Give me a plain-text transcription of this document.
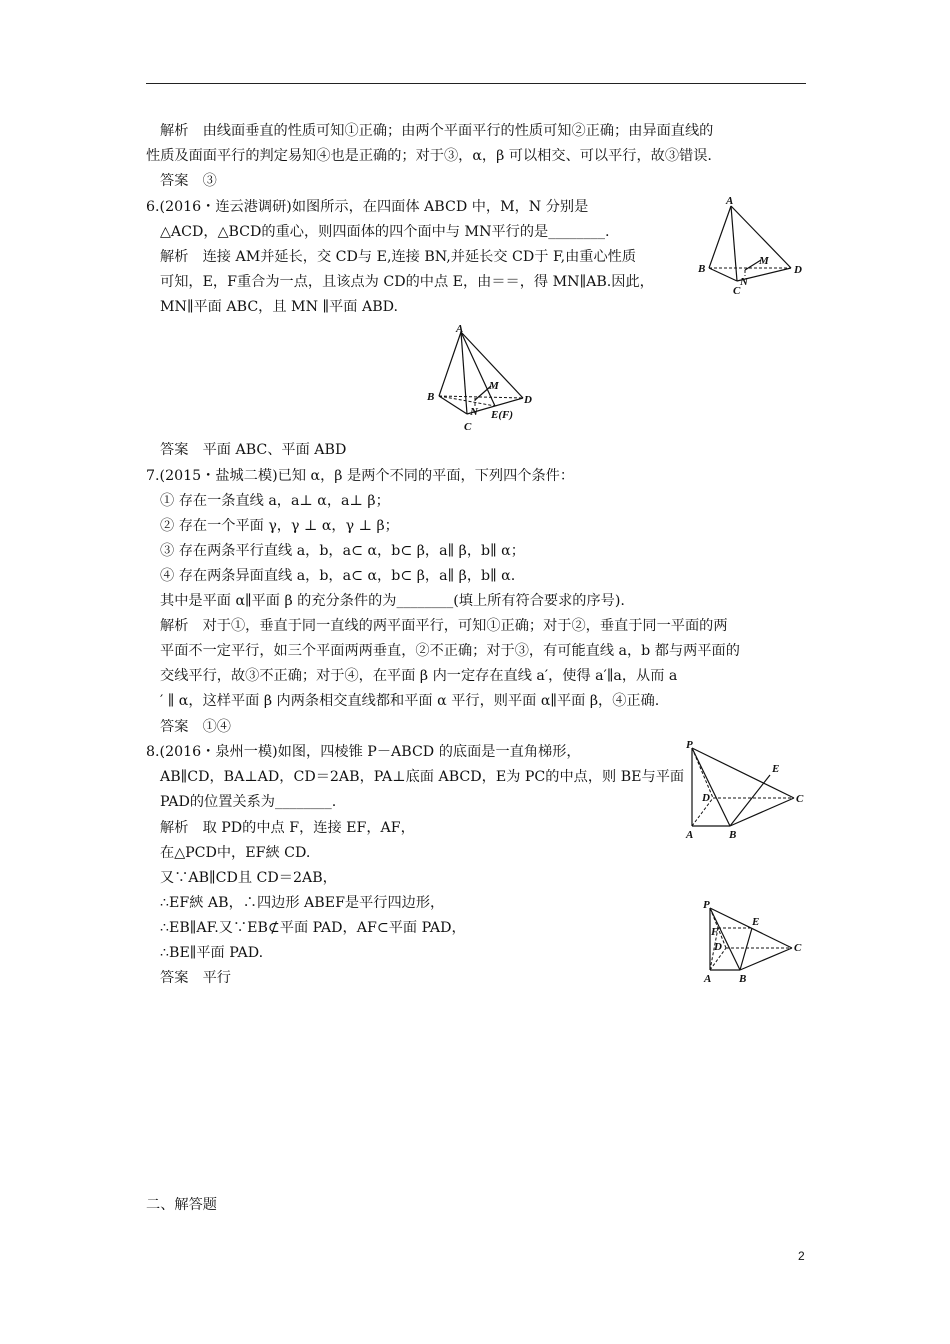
解析　由线面垂直的性质可知①正确；由两个平面平行的性质可知②正确；由异面直线的
性质及面面平行的判定易知④也是正确的；对于③，α，β 可以相交、可以平行，故③错误.
答案　③
6.(2016・连云港调研)如图所示，在四面体 ABCD 中，M，N 分别是
△ACD，△BCD的重心，则四面体的四个面中与 MN平行的是________.
解析　连接 AM并延长，交 CD与 E,连接 BN,并延长交 CD于 F,由重心性质
可知，E，F重合为一点，且该点为 CD的中点 E，由＝＝，得 MN∥AB.因此，
MN∥平面 ABC，且 MN ∥平面 ABD.
答案　平面 ABC、平面 ABD
7.(2015・盐城二模)已知 α，β 是两个不同的平面，下列四个条件：
① 存在一条直线 a，a⊥ α，a⊥ β；
② 存在一个平面 γ，γ ⊥ α，γ ⊥ β；
③ 存在两条平行直线 a，b，a⊂ α，b⊂ β，a∥ β，b∥ α；
④ 存在两条异面直线 a，b，a⊂ α，b⊂ β，a∥ β，b∥ α.
其中是平面 α∥平面 β 的充分条件的为________(填上所有符合要求的序号).
解析　对于①，垂直于同一直线的两平面平行，可知①正确；对于②，垂直于同一平面的两
平面不一定平行，如三个平面两两垂直，②不正确；对于③，有可能直线 a，b 都与两平面的
交线平行，故③不正确；对于④，在平面 β 内一定存在直线 a′，使得 a′∥a，从而 a
′ ∥ α，这样平面 β 内两条相交直线都和平面 α 平行，则平面 α∥平面 β，④正确.
答案　①④
8.(2016・泉州一模)如图，四棱锥 P－ABCD 的底面是一直角梯形，
AB∥CD，BA⊥AD，CD＝2AB，PA⊥底面 ABCD，E为 PC的中点，则 BE与平面
PAD的位置关系为________.
解析　取 PD的中点 F，连接 EF，AF，
在△PCD中，EF綊 CD.
又∵AB∥CD且 CD＝2AB，
∴EF綊 AB，∴四边形 ABEF是平行四边形，
∴EB∥AF.又∵EB⊄平面 PAD，AF⊂平面 PAD，
∴BE∥平面 PAD.
答案　平行
二、解答题
A
B
C
D
M
N
A
B
C
D
M
N E(F)
P
A	B
C
D
E
P
A	B
C
D
E
F
2
